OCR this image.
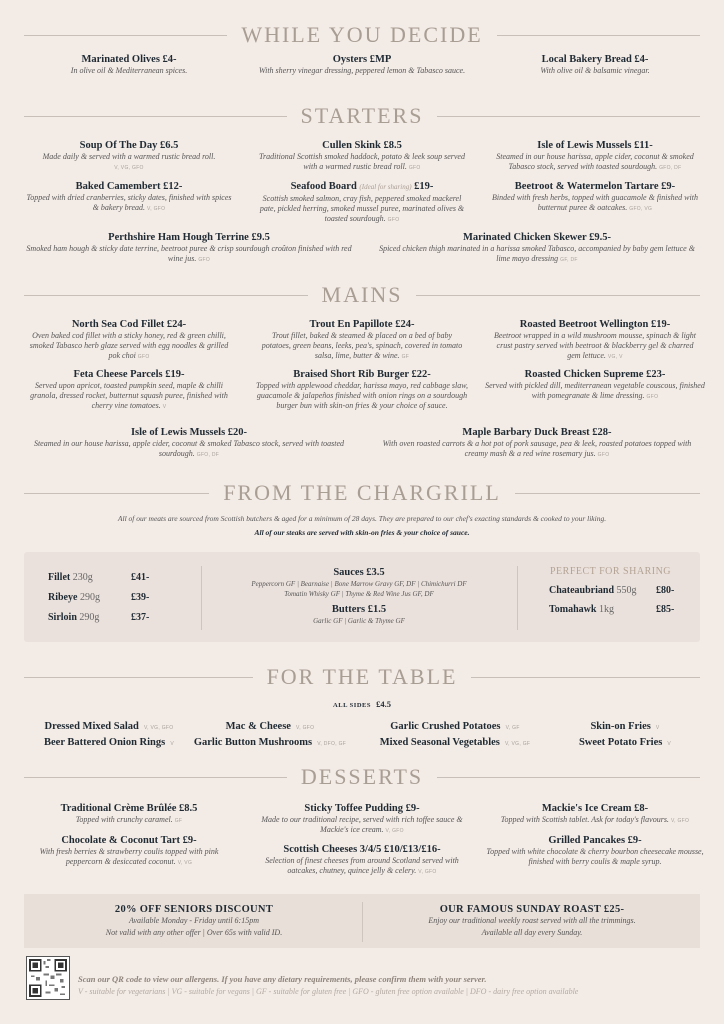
WHILE YOU DECIDE
Marinated Olives £4-
In olive oil & Mediterranean spices.
Oysters £MP
With sherry vinegar dressing, peppered lemon & Tabasco sauce.
Local Bakery Bread £4-
With olive oil & balsamic vinegar.
STARTERS
Soup Of The Day £6.5
Made daily & served with a warmed rustic bread roll.
V, VG, GFO
Cullen Skink £8.5
Traditional Scottish smoked haddock, potato & leek soup served with a warmed rustic bread roll. GFO
Isle of Lewis Mussels £11-
Steamed in our house harissa, apple cider, coconut & smoked Tabasco stock, served with toasted sourdough. GFO, DF
Baked Camembert £12-
Topped with dried cranberries, sticky dates, finished with spices & bakery bread. V, GFO
Seafood Board (Ideal for sharing) £19-
Scottish smoked salmon, cray fish, peppered smoked mackerel pate, pickled herring, smoked mussel puree, marinated olives & toasted sourdough. GFO
Beetroot & Watermelon Tartare £9-
Binded with fresh herbs, topped with guacamole & finished with butternut puree & oatcakes. GFO, VG
Perthshire Ham Hough Terrine £9.5
Smoked ham hough & sticky date terrine, beetroot puree & crisp sourdough croûton finished with red wine jus. GFO
Marinated Chicken Skewer £9.5-
Spiced chicken thigh marinated in a harissa smoked Tabasco, accompanied by baby gem lettuce & lime mayo dressing GF, DF
MAINS
North Sea Cod Fillet £24-
Oven baked cod fillet with a sticky honey, red & green chilli, smoked Tabasco herb glaze served with egg noodles & grilled pok choi GFO
Trout En Papillote £24-
Trout fillet, baked & steamed & placed on a bed of baby potatoes, green beans, leeks, pea's, spinach, covered in tomato salsa, lime, butter & wine. GF
Roasted Beetroot Wellington £19-
Beetroot wrapped in a wild mushroom mousse, spinach & light crust pastry served with beetroot & blackberry gel & charred gem lettuce. VG, V
Feta Cheese Parcels £19-
Served upon apricot, toasted pumpkin seed, maple & chilli granola, dressed rocket, butternut squash puree, finished with cherry vine tomatoes. V
Braised Short Rib Burger £22-
Topped with applewood cheddar, harissa mayo, red cabbage slaw, guacamole & jalapeños finished with onion rings on a sourdough burger bun with skin-on fries & your choice of sauce.
Roasted Chicken Supreme £23-
Served with pickled dill, mediterranean vegetable couscous, finished with pomegranate & lime dressing. GFO
Isle of Lewis Mussels £20-
Steamed in our house harissa, apple cider, coconut & smoked Tabasco stock, served with toasted sourdough. GFO, DF
Maple Barbary Duck Breast £28-
With oven roasted carrots & a hot pot of pork sausage, pea & leek, roasted potatoes topped with creamy mash & a red wine rosemary jus. GFO
FROM THE CHARGRILL
All of our meats are sourced from Scottish butchers & aged for a minimum of 28 days. They are prepared to our chef's exacting standards & cooked to your liking.
All of our steaks are served with skin-on fries & your choice of sauce.
Fillet 230g	£41-
Ribeye 290g	£39-
Sirloin 290g	£37-
Sauces £3.5
Peppercorn GF | Bearnaise | Bone Marrow Gravy GF, DF | Chimichurri DF
Tomatin Whisky GF | Thyme & Red Wine Jus GF, DF
Butters £1.5
Garlic GF | Garlic & Thyme GF
PERFECT FOR SHARING
Chateaubriand 550g £80-
Tomahawk 1kg	£85-
FOR THE TABLE
ALL SIDES £4.5
Dressed Mixed Salad V, VG, GFO	Mac & Cheese V, GFO	Garlic Crushed Potatoes V, GF	Skin-on Fries V
Beer Battered Onion Rings V	Garlic Button Mushrooms V, DFO, GF	Mixed Seasonal Vegetables V, VG, GF	Sweet Potato Fries V
DESSERTS
Traditional Crème Brûlée £8.5
Topped with crunchy caramel. GF
Sticky Toffee Pudding £9-
Made to our traditional recipe, served with rich toffee sauce & Mackie's ice cream. V, GFO
Mackie's Ice Cream £8-
Topped with Scottish tablet. Ask for today's flavours. V, GFO
Chocolate & Coconut Tart £9-
With fresh berries & strawberry coulis topped with pink peppercorn & desiccated coconut. V, VG
Scottish Cheeses 3/4/5 £10/£13/£16-
Selection of finest cheeses from around Scotland served with oatcakes, chutney, quince jelly & celery. V, GFO
Grilled Pancakes £9-
Topped with white chocolate & cherry bourbon cheesecake mousse, finished with berry coulis & maple syrup.
20% OFF SENIORS DISCOUNT
Available Monday - Friday until 6:15pm
Not valid with any other offer | Over 65s with valid ID.
OUR FAMOUS SUNDAY ROAST £25-
Enjoy our traditional weekly roast served with all the trimmings.
Available all day every Sunday.
Scan our QR code to view our allergens. If you have any dietary requirements, please confirm them with your server.
V - suitable for vegetarians | VG - suitable for vegans | GF - suitable for gluten free | GFO - gluten free option available | DFO - dairy free option available
